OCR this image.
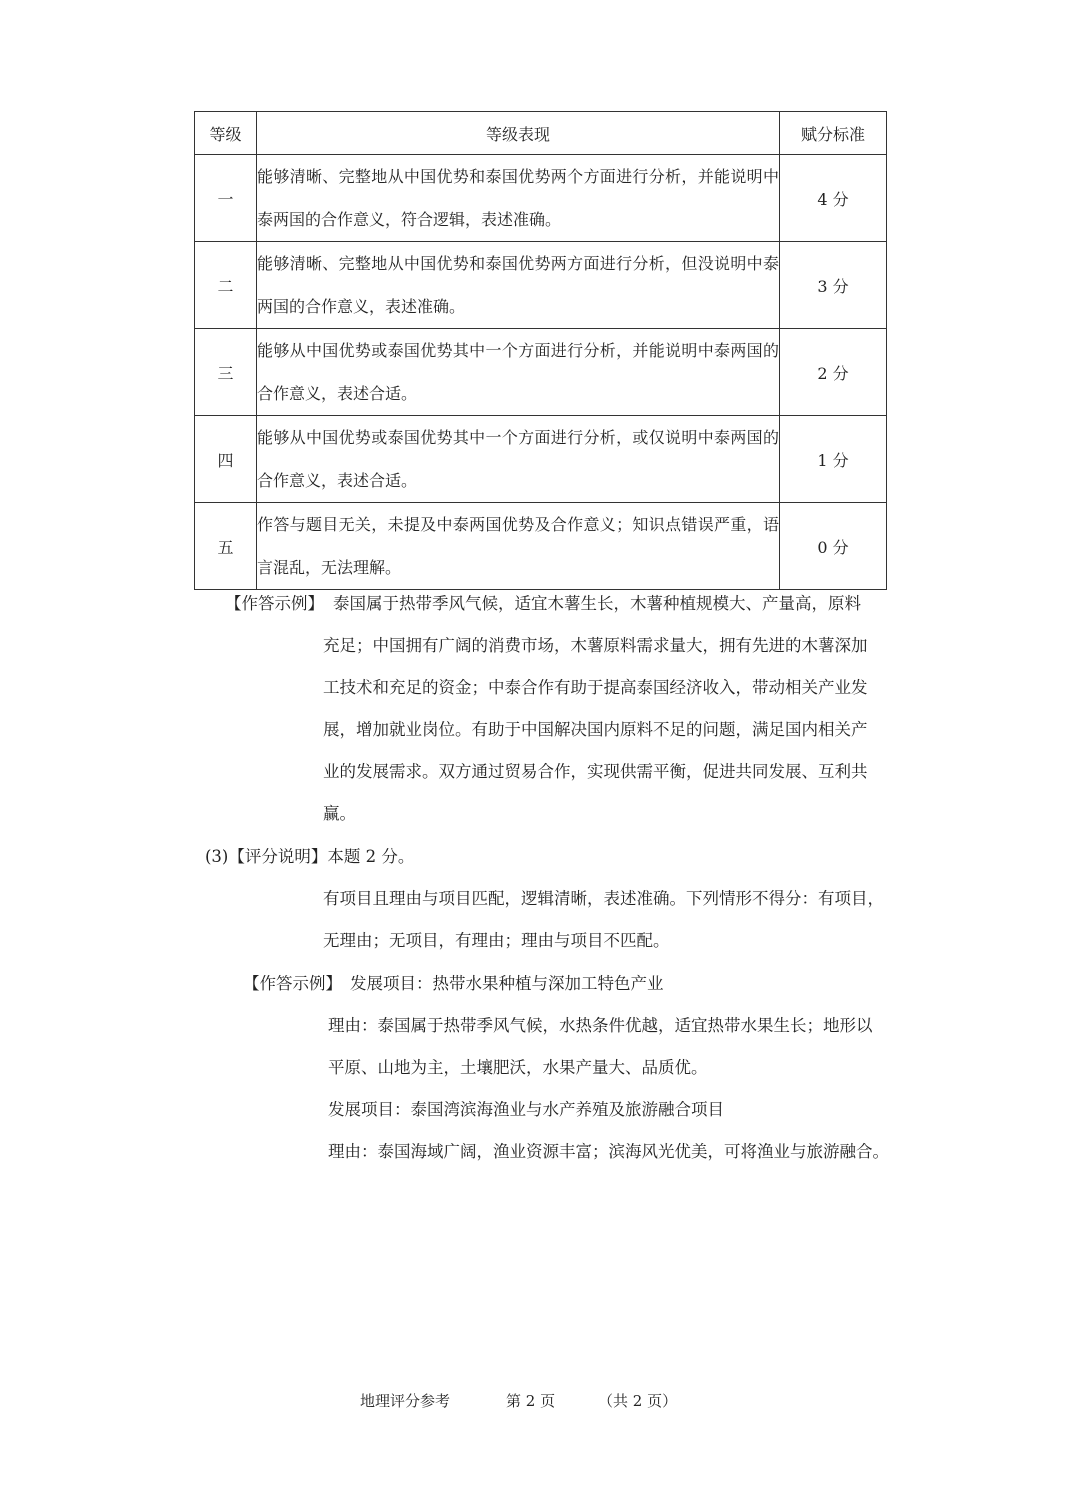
等级	等级表现	赋分标准
一	能够清晰、完整地从中国优势和泰国优势两个方面进行分析，并能说明中泰两国的合作意义，符合逻辑，表述准确。	4 分
二	能够清晰、完整地从中国优势和泰国优势两方面进行分析，但没说明中泰两国的合作意义，表述准确。	3 分
三	能够从中国优势或泰国优势其中一个方面进行分析，并能说明中泰两国的合作意义，表述合适。	2 分
四	能够从中国优势或泰国优势其中一个方面进行分析，或仅说明中泰两国的合作意义，表述合适。	1 分
五	作答与题目无关，未提及中泰两国优势及合作意义；知识点错误严重，语言混乱，无法理解。	0 分
【作答示例】 泰国属于热带季风气候，适宜木薯生长，木薯种植规模大、产量高，原料
充足；中国拥有广阔的消费市场，木薯原料需求量大，拥有先进的木薯深加
工技术和充足的资金；中泰合作有助于提高泰国经济收入，带动相关产业发
展，增加就业岗位。有助于中国解决国内原料不足的问题，满足国内相关产
业的发展需求。双方通过贸易合作，实现供需平衡，促进共同发展、互利共
赢。
(3)【评分说明】本题 2 分。
有项目且理由与项目匹配，逻辑清晰，表述准确。下列情形不得分：有项目，
无理由；无项目，有理由；理由与项目不匹配。
【作答示例】 发展项目：热带水果种植与深加工特色产业
理由：泰国属于热带季风气候，水热条件优越，适宜热带水果生长；地形以
平原、山地为主，土壤肥沃，水果产量大、品质优。
发展项目：泰国湾滨海渔业与水产养殖及旅游融合项目
理由：泰国海域广阔，渔业资源丰富；滨海风光优美，可将渔业与旅游融合。
地理评分参考	第 2 页	（共 2 页）
